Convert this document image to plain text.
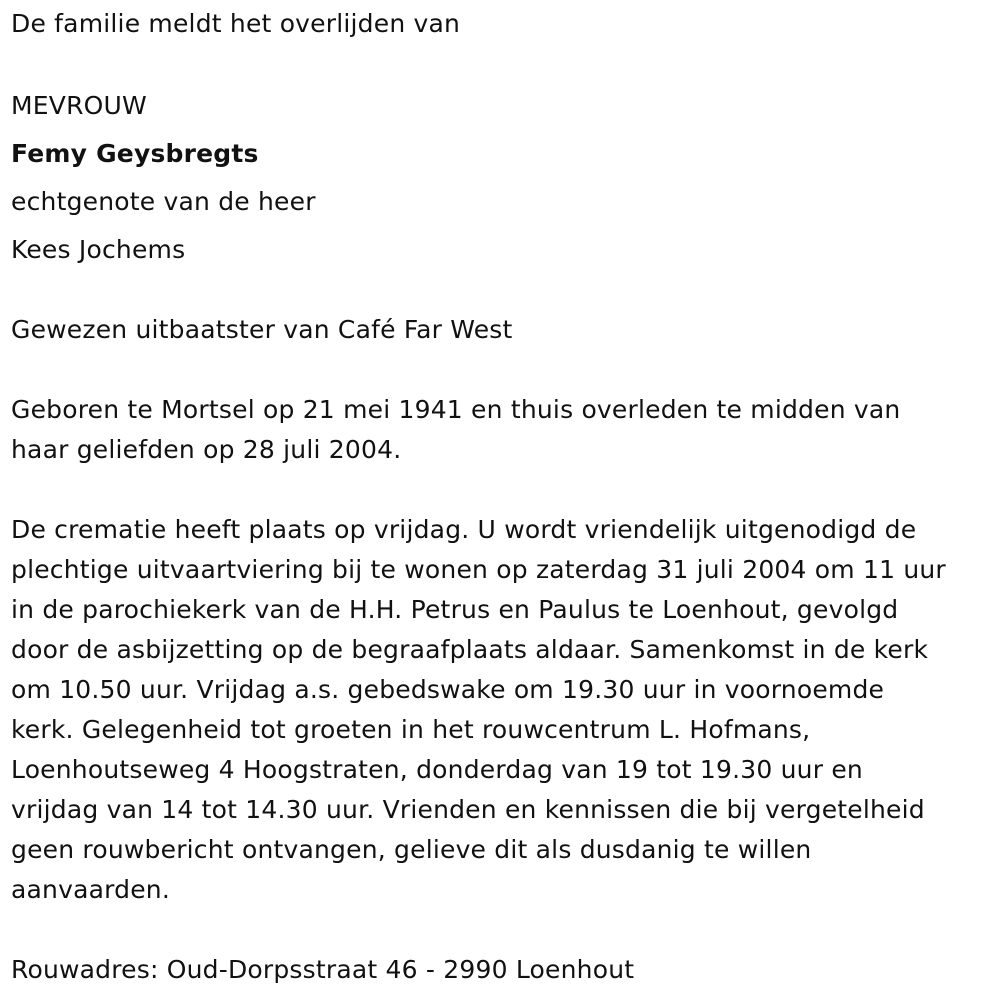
De familie meldt het overlijden van
MEVROUW
Femy Geysbregts
echtgenote van de heer
Kees Jochems
Gewezen uitbaatster van Café Far West
Geboren te Mortsel op 21 mei 1941 en thuis overleden te midden van
haar geliefden op 28 juli 2004.
De crematie heeft plaats op vrijdag. U wordt vriendelijk uitgenodigd de
plechtige uitvaartviering bij te wonen op zaterdag 31 juli 2004 om 11 uur
in de parochiekerk van de H.H. Petrus en Paulus te Loenhout, gevolgd
door de asbijzetting op de begraafplaats aldaar. Samenkomst in de kerk
om 10.50 uur. Vrijdag a.s. gebedswake om 19.30 uur in voornoemde
kerk. Gelegenheid tot groeten in het rouwcentrum L. Hofmans,
Loenhoutseweg 4 Hoogstraten, donderdag van 19 tot 19.30 uur en
vrijdag van 14 tot 14.30 uur. Vrienden en kennissen die bij vergetelheid
geen rouwbericht ontvangen, gelieve dit als dusdanig te willen
aanvaarden.
Rouwadres: Oud-Dorpsstraat 46 - 2990 Loenhout
